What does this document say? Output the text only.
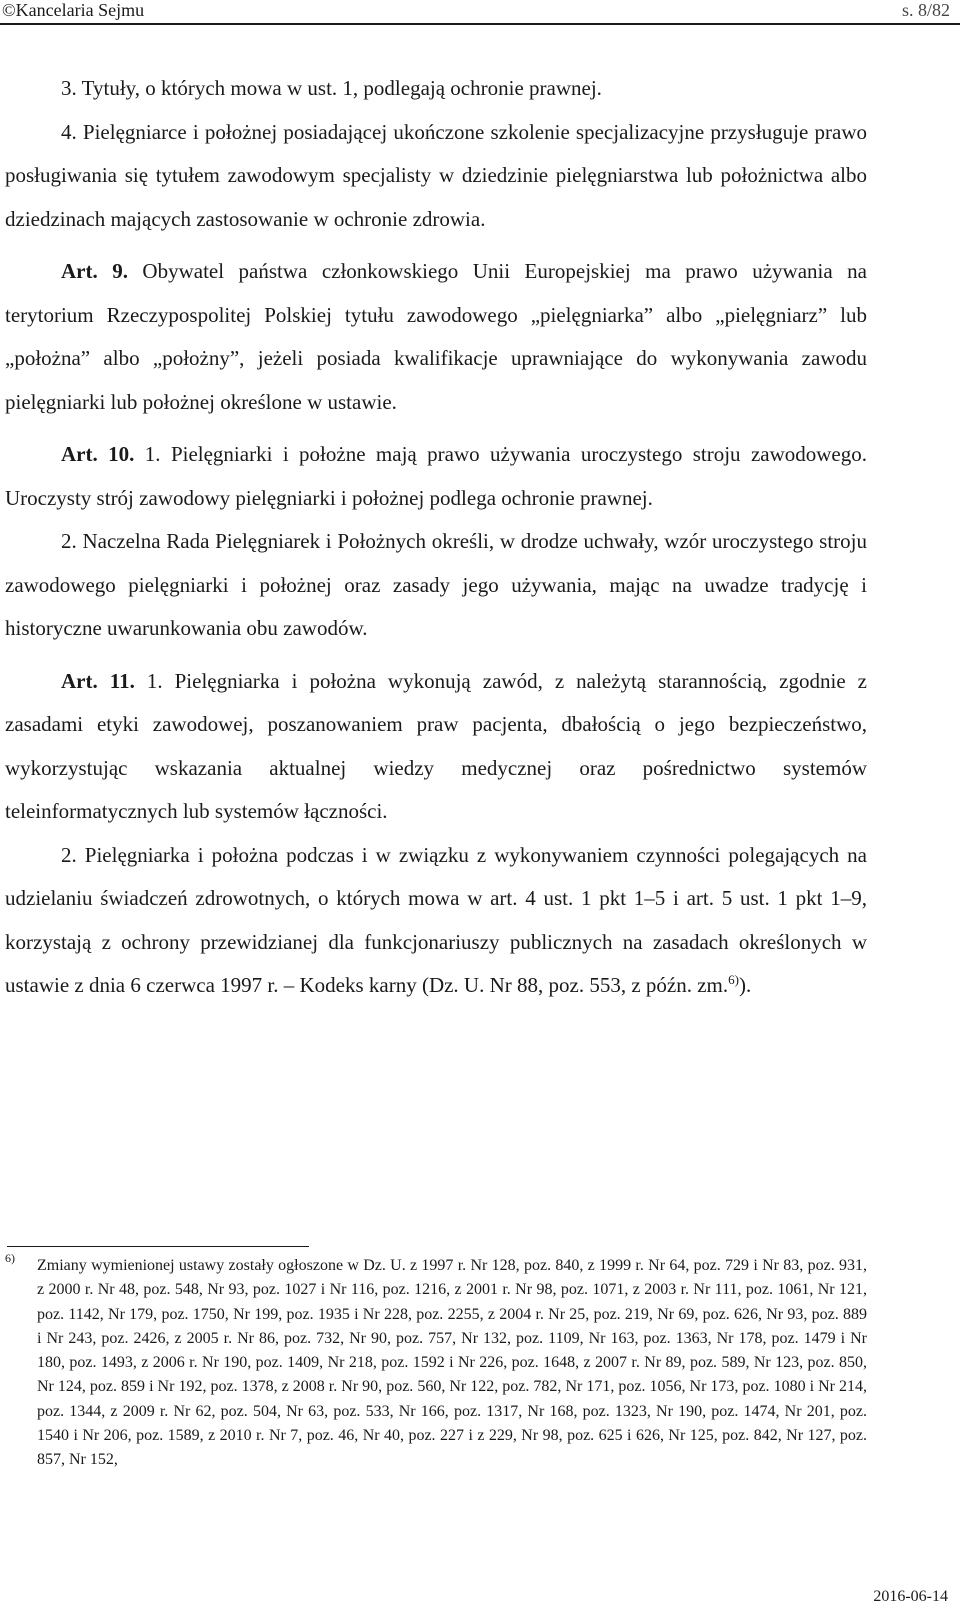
©Kancelaria Sejmu	s. 8/82

3. Tytuły, o których mowa w ust. 1, podlegają ochronie prawnej.

4. Pielęgniarce i położnej posiadającej ukończone szkolenie specjalizacyjne przysługuje prawo posługiwania się tytułem zawodowym specjalisty w dziedzinie pielęgniarstwa lub położnictwa albo dziedzinach mających zastosowanie w ochronie zdrowia.

Art. 9. Obywatel państwa członkowskiego Unii Europejskiej ma prawo używania na terytorium Rzeczypospolitej Polskiej tytułu zawodowego „pielęgniarka” albo „pielęgniarz” lub „położna” albo „położny”, jeżeli posiada kwalifikacje uprawniające do wykonywania zawodu pielęgniarki lub położnej określone w ustawie.

Art. 10. 1. Pielęgniarki i położne mają prawo używania uroczystego stroju zawodowego. Uroczysty strój zawodowy pielęgniarki i położnej podlega ochronie prawnej.

2. Naczelna Rada Pielęgniarek i Położnych określi, w drodze uchwały, wzór uroczystego stroju zawodowego pielęgniarki i położnej oraz zasady jego używania, mając na uwadze tradycję i historyczne uwarunkowania obu zawodów.

Art. 11. 1. Pielęgniarka i położna wykonują zawód, z należytą starannością, zgodnie z zasadami etyki zawodowej, poszanowaniem praw pacjenta, dbałością o jego bezpieczeństwo, wykorzystując wskazania aktualnej wiedzy medycznej oraz pośrednictwo systemów teleinformatycznych lub systemów łączności.

2. Pielęgniarka i położna podczas i w związku z wykonywaniem czynności polegających na udzielaniu świadczeń zdrowotnych, o których mowa w art. 4 ust. 1 pkt 1–5 i art. 5 ust. 1 pkt 1–9, korzystają z ochrony przewidzianej dla funkcjonariuszy publicznych na zasadach określonych w ustawie z dnia 6 czerwca 1997 r. – Kodeks karny (Dz. U. Nr 88, poz. 553, z późn. zm.$^{6)}$).

6) Zmiany wymienionej ustawy zostały ogłoszone w Dz. U. z 1997 r. Nr 128, poz. 840, z 1999 r. Nr 64, poz. 729 i Nr 83, poz. 931, z 2000 r. Nr 48, poz. 548, Nr 93, poz. 1027 i Nr 116, poz. 1216, z 2001 r. Nr 98, poz. 1071, z 2003 r. Nr 111, poz. 1061, Nr 121, poz. 1142, Nr 179, poz. 1750, Nr 199, poz. 1935 i Nr 228, poz. 2255, z 2004 r. Nr 25, poz. 219, Nr 69, poz. 626, Nr 93, poz. 889 i Nr 243, poz. 2426, z 2005 r. Nr 86, poz. 732, Nr 90, poz. 757, Nr 132, poz. 1109, Nr 163, poz. 1363, Nr 178, poz. 1479 i Nr 180, poz. 1493, z 2006 r. Nr 190, poz. 1409, Nr 218, poz. 1592 i Nr 226, poz. 1648, z 2007 r. Nr 89, poz. 589, Nr 123, poz. 850, Nr 124, poz. 859 i Nr 192, poz. 1378, z 2008 r. Nr 90, poz. 560, Nr 122, poz. 782, Nr 171, poz. 1056, Nr 173, poz. 1080 i Nr 214, poz. 1344, z 2009 r. Nr 62, poz. 504, Nr 63, poz. 533, Nr 166, poz. 1317, Nr 168, poz. 1323, Nr 190, poz. 1474, Nr 201, poz. 1540 i Nr 206, poz. 1589, z 2010 r. Nr 7, poz. 46, Nr 40, poz. 227 i z 229, Nr 98, poz. 625 i 626, Nr 125, poz. 842, Nr 127, poz. 857, Nr 152,
2016-06-14
